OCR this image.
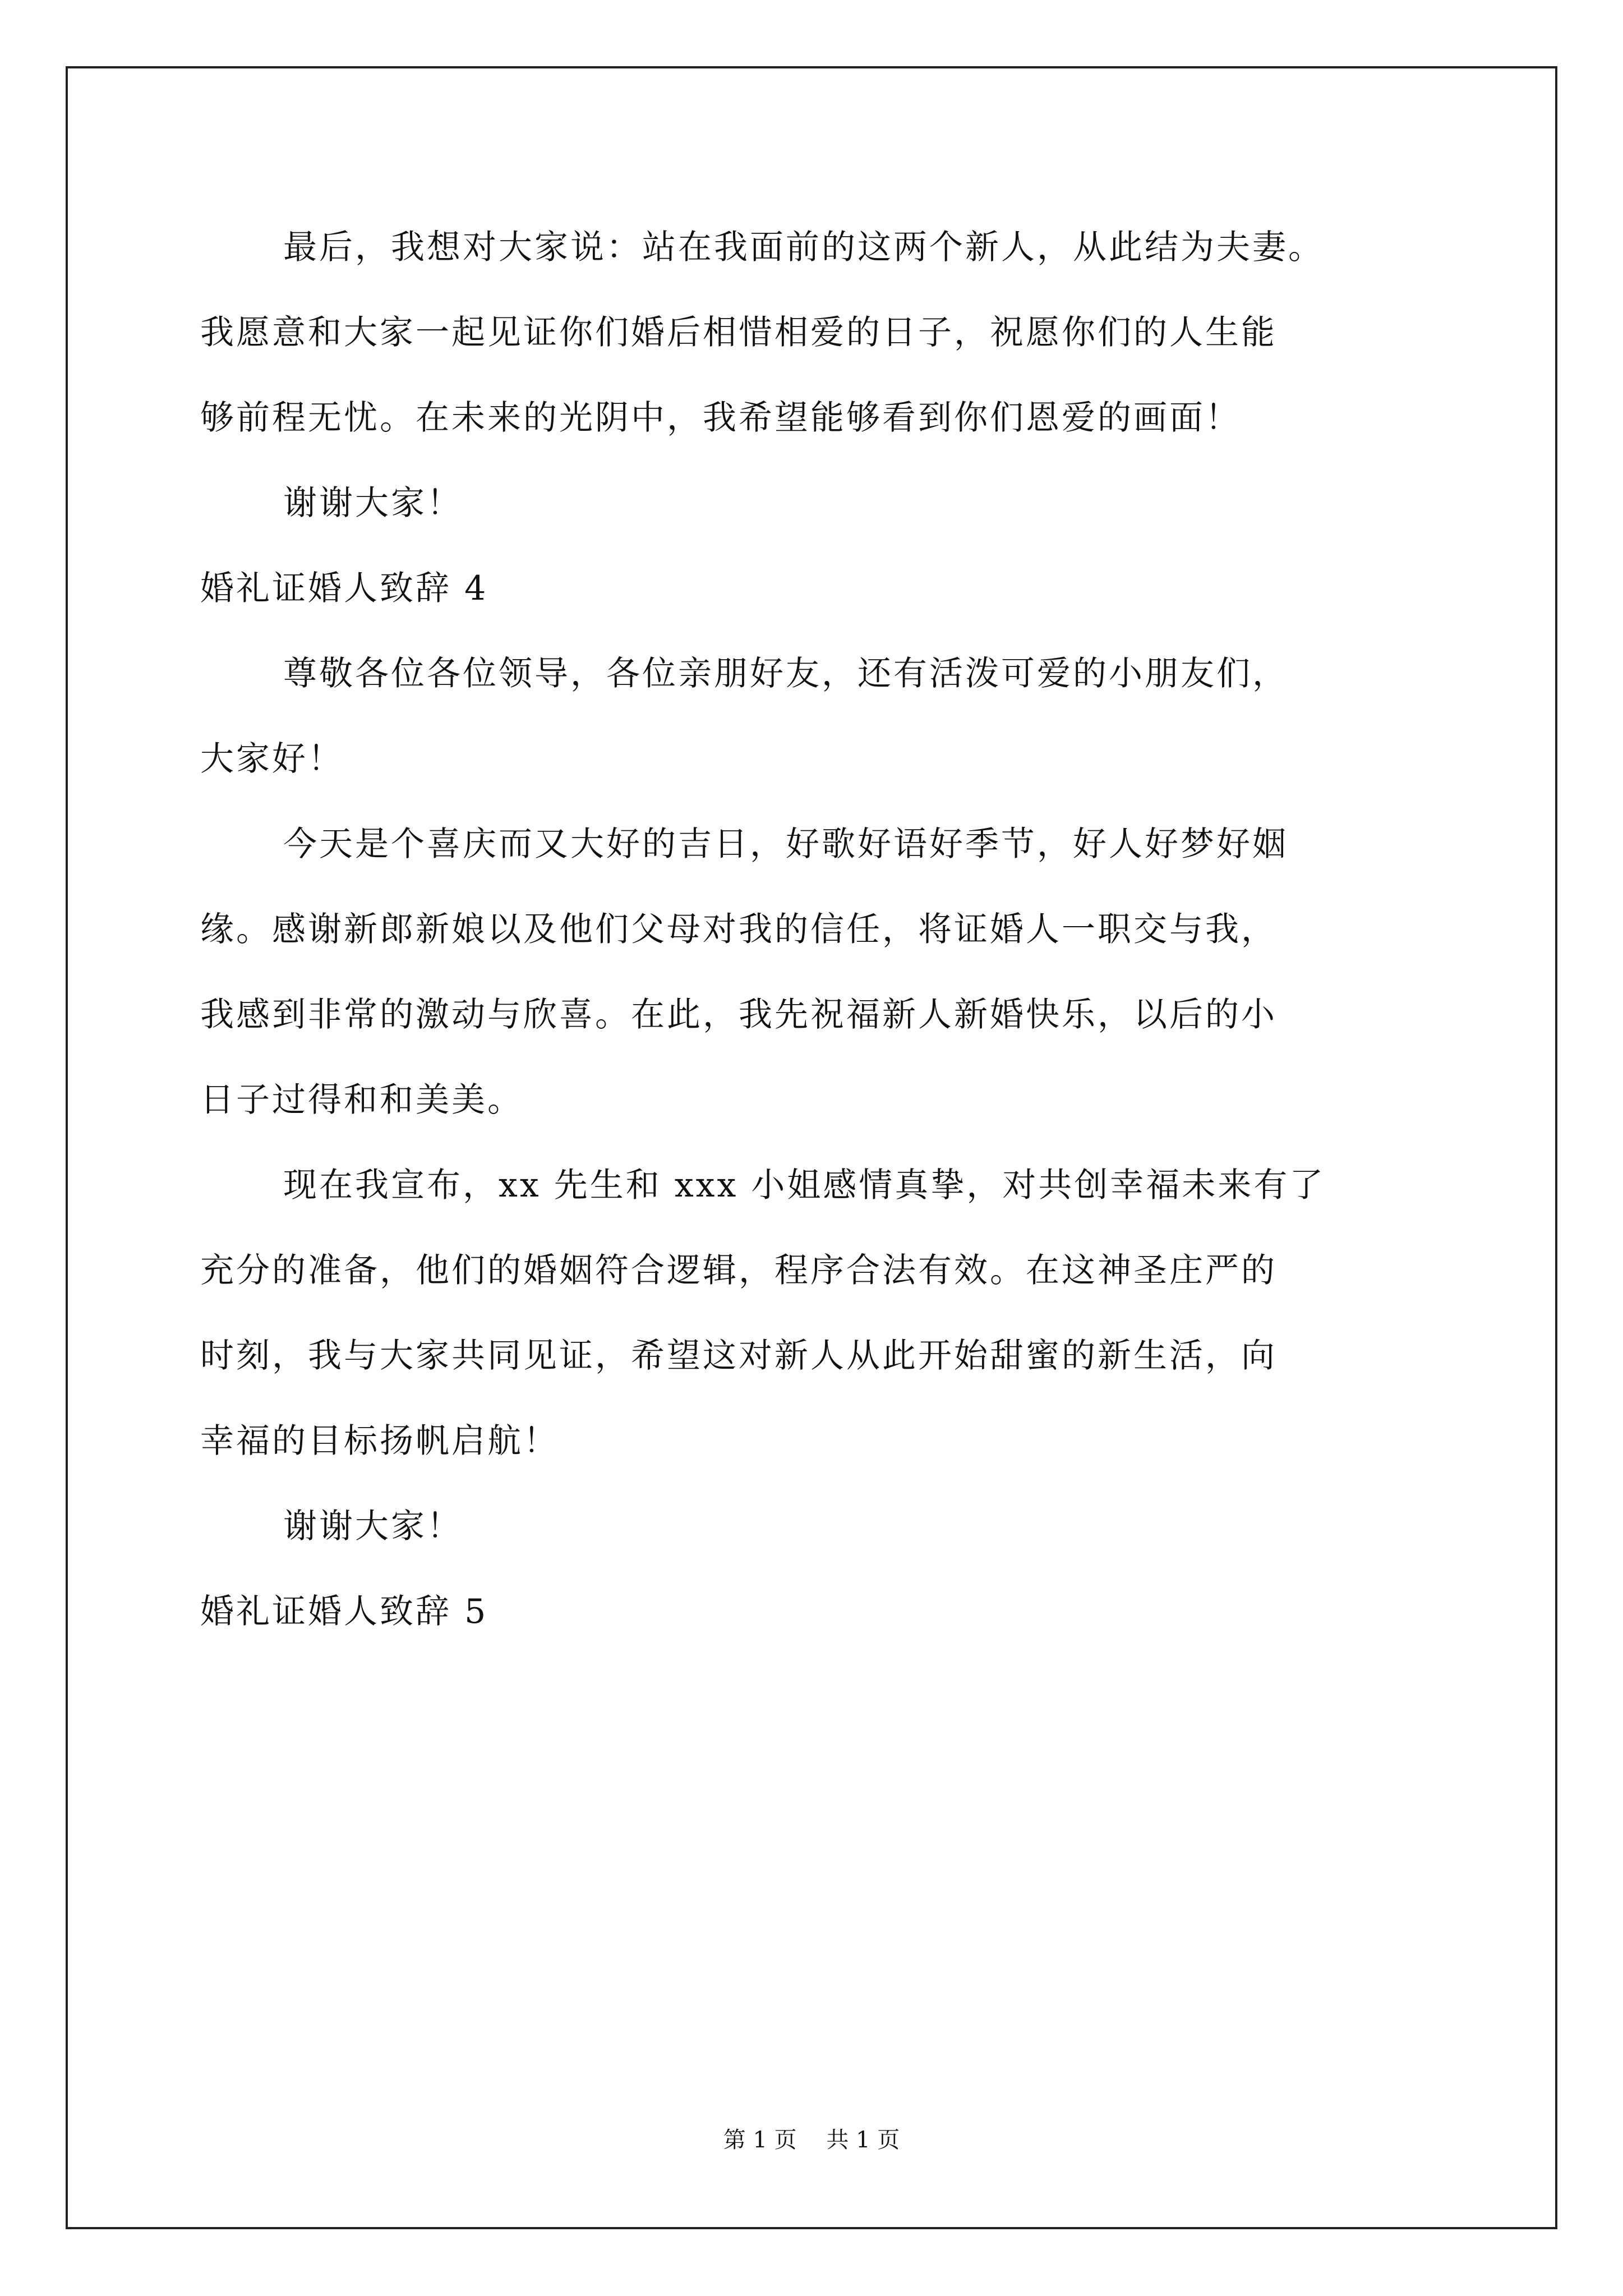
最后，我想对大家说：站在我面前的这两个新人，从此结为夫妻。

我愿意和大家一起见证你们婚后相惜相爱的日子，祝愿你们的人生能

够前程无忧。在未来的光阴中，我希望能够看到你们恩爱的画面！

谢谢大家！

婚礼证婚人致辞 4

尊敬各位各位领导，各位亲朋好友，还有活泼可爱的小朋友们，

大家好！

今天是个喜庆而又大好的吉日，好歌好语好季节，好人好梦好姻

缘。感谢新郎新娘以及他们父母对我的信任，将证婚人一职交与我，

我感到非常的激动与欣喜。在此，我先祝福新人新婚快乐，以后的小

日子过得和和美美。

现在我宣布，xx 先生和 xxx 小姐感情真挚，对共创幸福未来有了

充分的准备，他们的婚姻符合逻辑，程序合法有效。在这神圣庄严的

时刻，我与大家共同见证，希望这对新人从此开始甜蜜的新生活，向

幸福的目标扬帆启航！

谢谢大家！

婚礼证婚人致辞 5

第 1 页 共 1 页
